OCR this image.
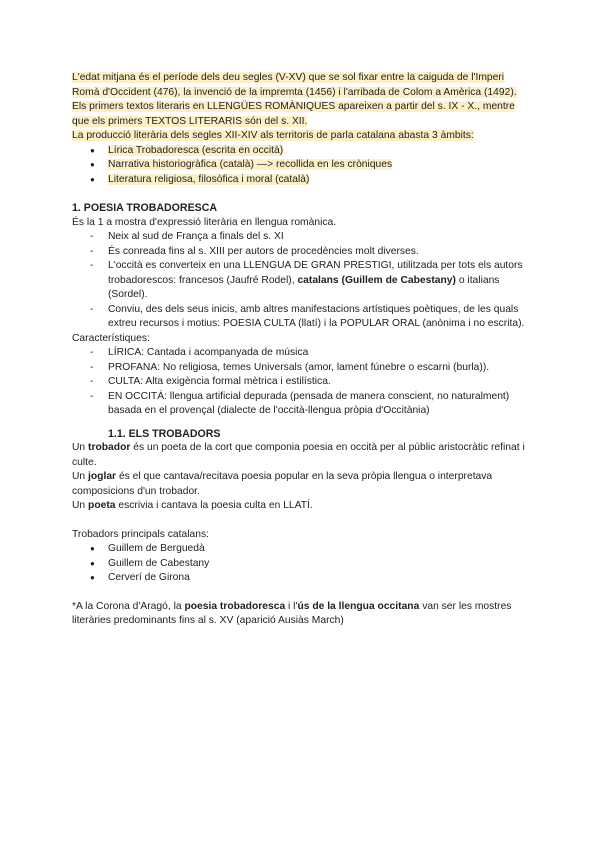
L'edat mitjana és el període dels deu segles (V-XV) que se sol fixar entre la caiguda de l'Imperi Romà d'Occident (476), la invenció de la impremta (1456) i l'arribada de Colom a Amèrica (1492). Els primers textos literaris en LLENGÜES ROMÀNIQUES apareixen a partir del s. IX - X., mentre que els primers TEXTOS LITERARIS són del s. XII.

La producció literària dels segles XII-XIV als territoris de parla catalana abasta 3 àmbits:

● Lírica Trobadoresca (escrita en occità)
● Narrativa historiogràfica (català) —> recollida en les cròniques
● Literatura religiosa, filosòfica i moral (català)
1. POESIA TROBADORESCA

És la 1 a mostra d'expressió literària en llengua romànica.

- Neix al sud de França a finals del s. XI
- És conreada fins al s. XIII per autors de procedències molt diverses.
- L'occità es converteix en una LLENGUA DE GRAN PRESTIGI, utilitzada per tots els autors trobadorescos: francesos (Jaufré Rodel), catalans (Guillem de Cabestany) o italians (Sordel).
- Conviu, des dels seus inicis, amb altres manifestacions artístiques poètiques, de les quals extreu recursos i motius: POESIA CULTA (llatí) i la POPULAR ORAL (anònima i no escrita).

Característiques:

- LÍRICA: Cantada i acompanyada de música
- PROFANA: No religiosa, temes Universals (amor, lament fúnebre o escarni (burla)).
- CULTA: Alta exigència formal mètrica i estilística.
- EN OCCITÀ: llengua artificial depurada (pensada de manera conscient, no naturalment) basada en el provençal (dialecte de l'occità-llengua pròpia d'Occitània)
1.1. ELS TROBADORS

Un trobador és un poeta de la cort que componia poesia en occità per al públic aristocràtic refinat i culte.

Un joglar és el que cantava/recitava poesia popular en la seva pròpia llengua o interpretava composicions d'un trobador.

Un poeta escrivia i cantava la poesia culta en LLATÍ.

Trobadors principals catalans:

● Guillem de Berguedà
● Guillem de Cabestany
● Cerverí de Girona

*A la Corona d'Aragó, la poesia trobadoresca i l'ús de la llengua occitana van ser les mostres literàries predominants fins al s. XV (aparició Ausiàs March)
